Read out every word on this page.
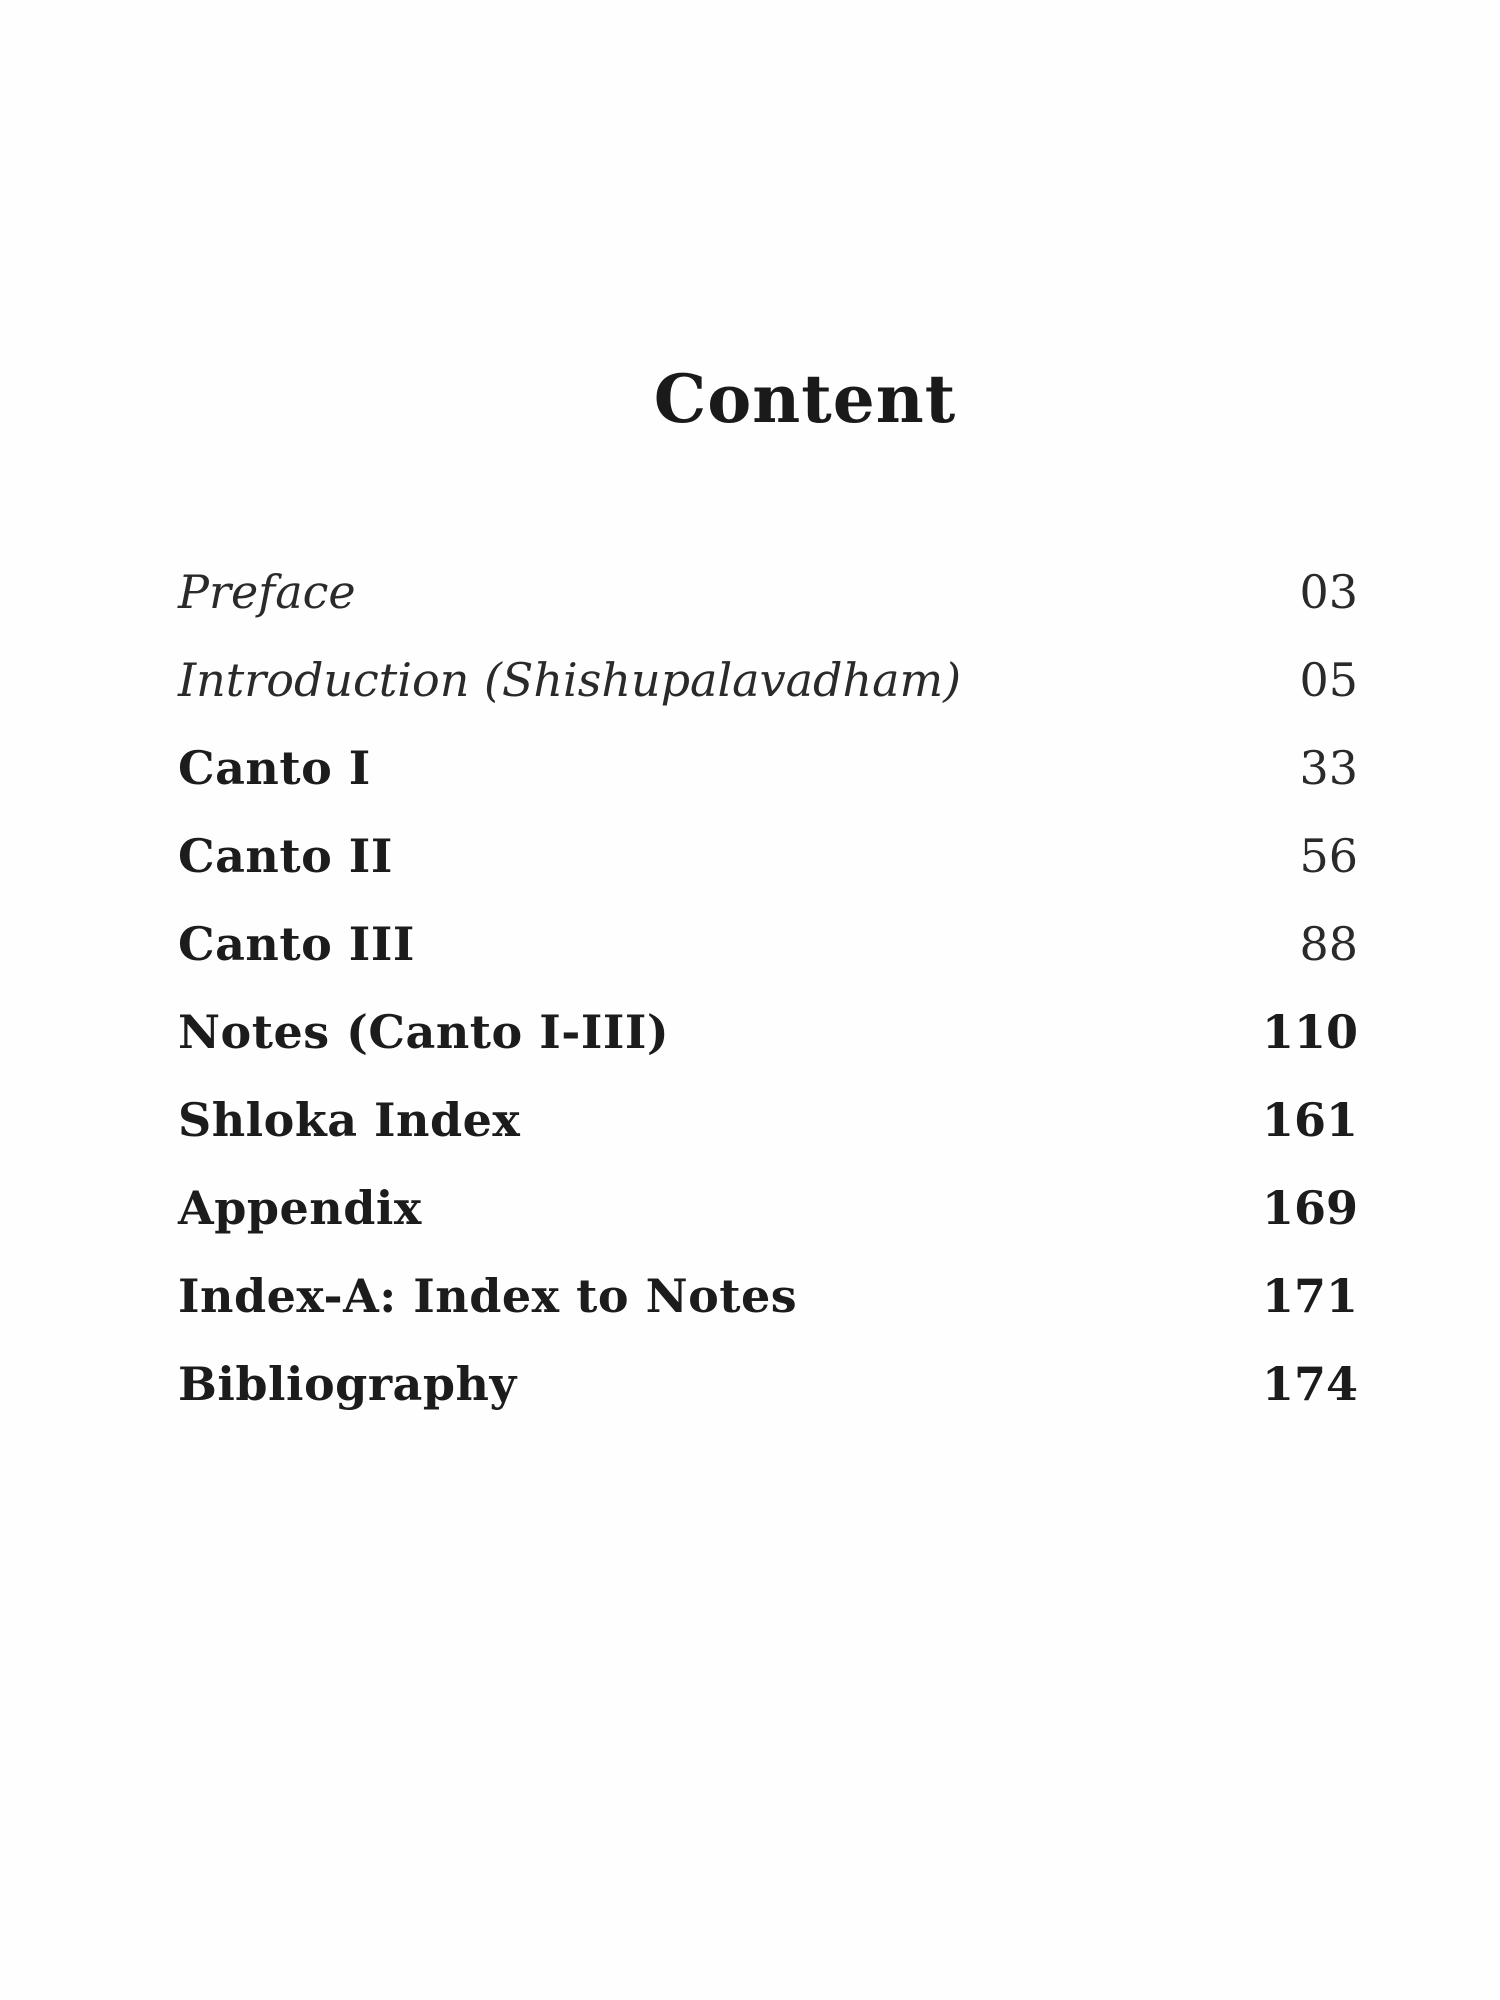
Content
Preface	03
Introduction (Shishupalavadham)	05
Canto I	33
Canto II	56
Canto III	88
Notes (Canto I-III)	110
Shloka Index	161
Appendix	169
Index-A: Index to Notes	171
Bibliography	174
